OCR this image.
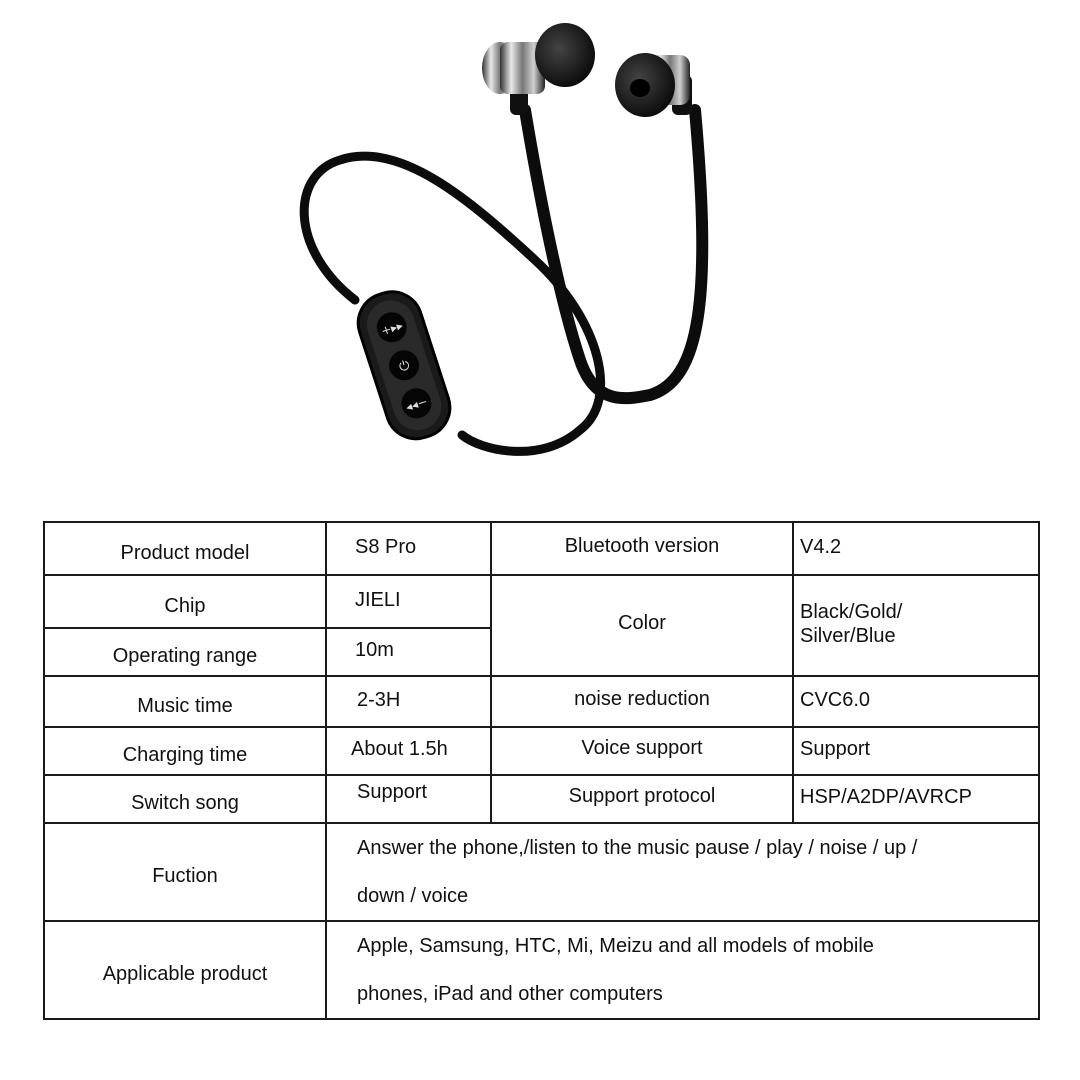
+▸▸
⏻
◂◂−
Product model	S8 Pro	Bluetooth version	V4.2
Chip	JIELI	Color	Black/Gold/
Silver/Blue

Operating range	10m		
Music time	2-3H	noise reduction	CVC6.0
Charging time	About 1.5h	Voice support	Support
Switch song	Support	Support protocol	HSP/A2DP/AVRCP
Fuction	Answer the phone,/listen to the music pause / play / noise / up /
down / voice		

Applicable product	Apple, Samsung, HTC, Mi, Meizu and all models of mobile
phones, iPad and other computers		
